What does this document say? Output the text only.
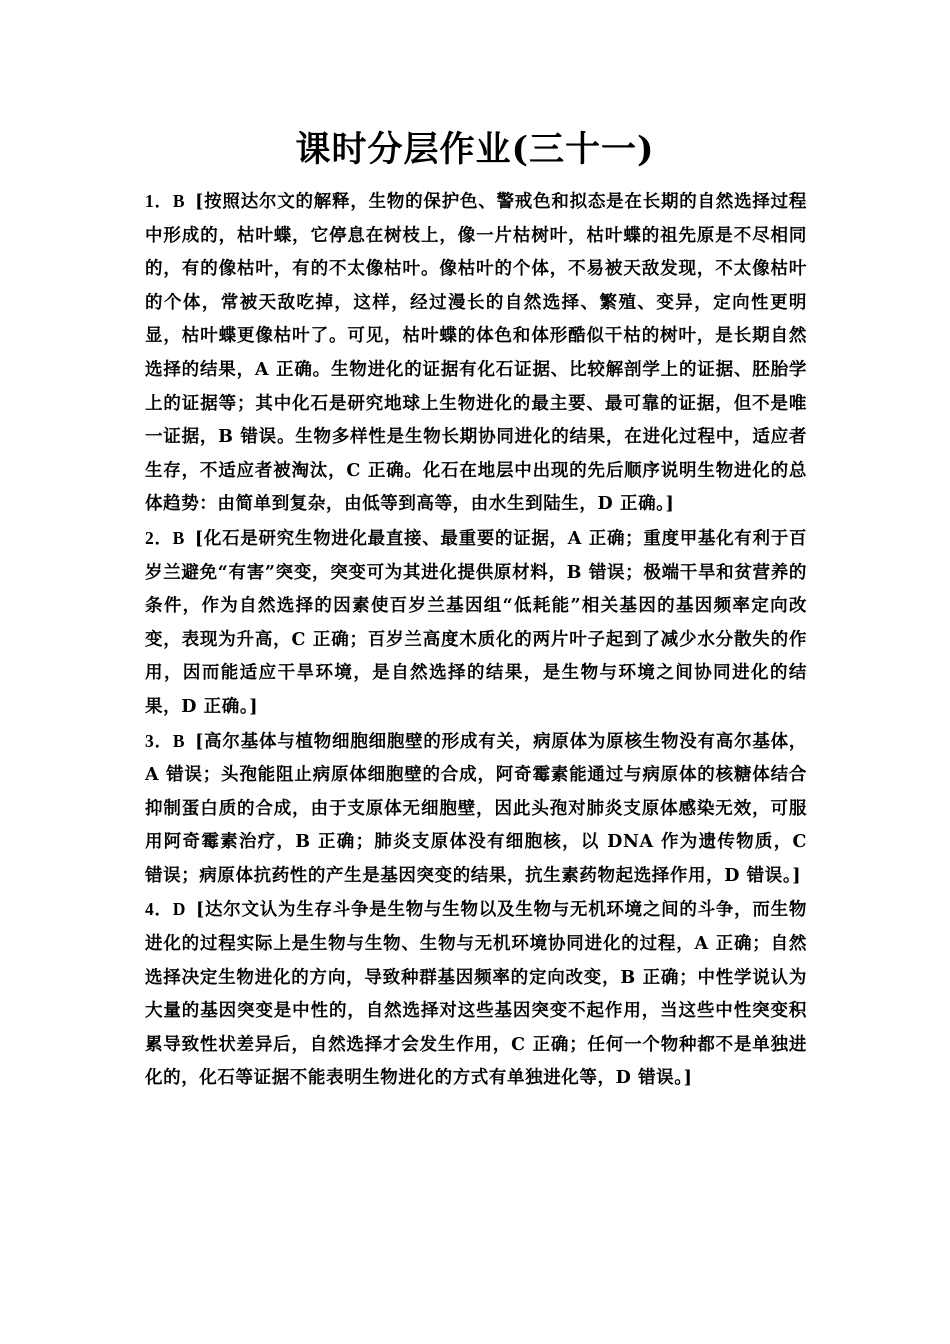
课时分层作业(三十一)

1．B [按照达尔文的解释，生物的保护色、警戒色和拟态是在长期的自然选择过程中形成的，枯叶蝶，它停息在树枝上，像一片枯树叶，枯叶蝶的祖先原是不尽相同的，有的像枯叶，有的不太像枯叶。像枯叶的个体，不易被天敌发现，不太像枯叶的个体，常被天敌吃掉，这样，经过漫长的自然选择、繁殖、变异，定向性更明显，枯叶蝶更像枯叶了。可见，枯叶蝶的体色和体形酷似干枯的树叶，是长期自然选择的结果，A 正确。生物进化的证据有化石证据、比较解剖学上的证据、胚胎学上的证据等；其中化石是研究地球上生物进化的最主要、最可靠的证据，但不是唯一证据，B 错误。生物多样性是生物长期协同进化的结果，在进化过程中，适应者生存，不适应者被淘汰，C 正确。化石在地层中出现的先后顺序说明生物进化的总体趋势：由简单到复杂，由低等到高等，由水生到陆生，D 正确。]

2．B [化石是研究生物进化最直接、最重要的证据，A 正确；重度甲基化有利于百岁兰避免“有害”突变，突变可为其进化提供原材料，B 错误；极端干旱和贫营养的条件，作为自然选择的因素使百岁兰基因组“低耗能”相关基因的基因频率定向改变，表现为升高，C 正确；百岁兰高度木质化的两片叶子起到了减少水分散失的作用，因而能适应干旱环境，是自然选择的结果，是生物与环境之间协同进化的结果，D 正确。]

3．B [高尔基体与植物细胞细胞壁的形成有关，病原体为原核生物没有高尔基体，A 错误；头孢能阻止病原体细胞壁的合成，阿奇霉素能通过与病原体的核糖体结合抑制蛋白质的合成，由于支原体无细胞壁，因此头孢对肺炎支原体感染无效，可服用阿奇霉素治疗，B 正确；肺炎支原体没有细胞核，以 DNA 作为遗传物质，C 错误；病原体抗药性的产生是基因突变的结果，抗生素药物起选择作用，D 错误。]

4．D [达尔文认为生存斗争是生物与生物以及生物与无机环境之间的斗争，而生物进化的过程实际上是生物与生物、生物与无机环境协同进化的过程，A 正确；自然选择决定生物进化的方向，导致种群基因频率的定向改变，B 正确；中性学说认为大量的基因突变是中性的，自然选择对这些基因突变不起作用，当这些中性突变积累导致性状差异后，自然选择才会发生作用，C 正确；任何一个物种都不是单独进化的，化石等证据不能表明生物进化的方式有单独进化等，D 错误。]
